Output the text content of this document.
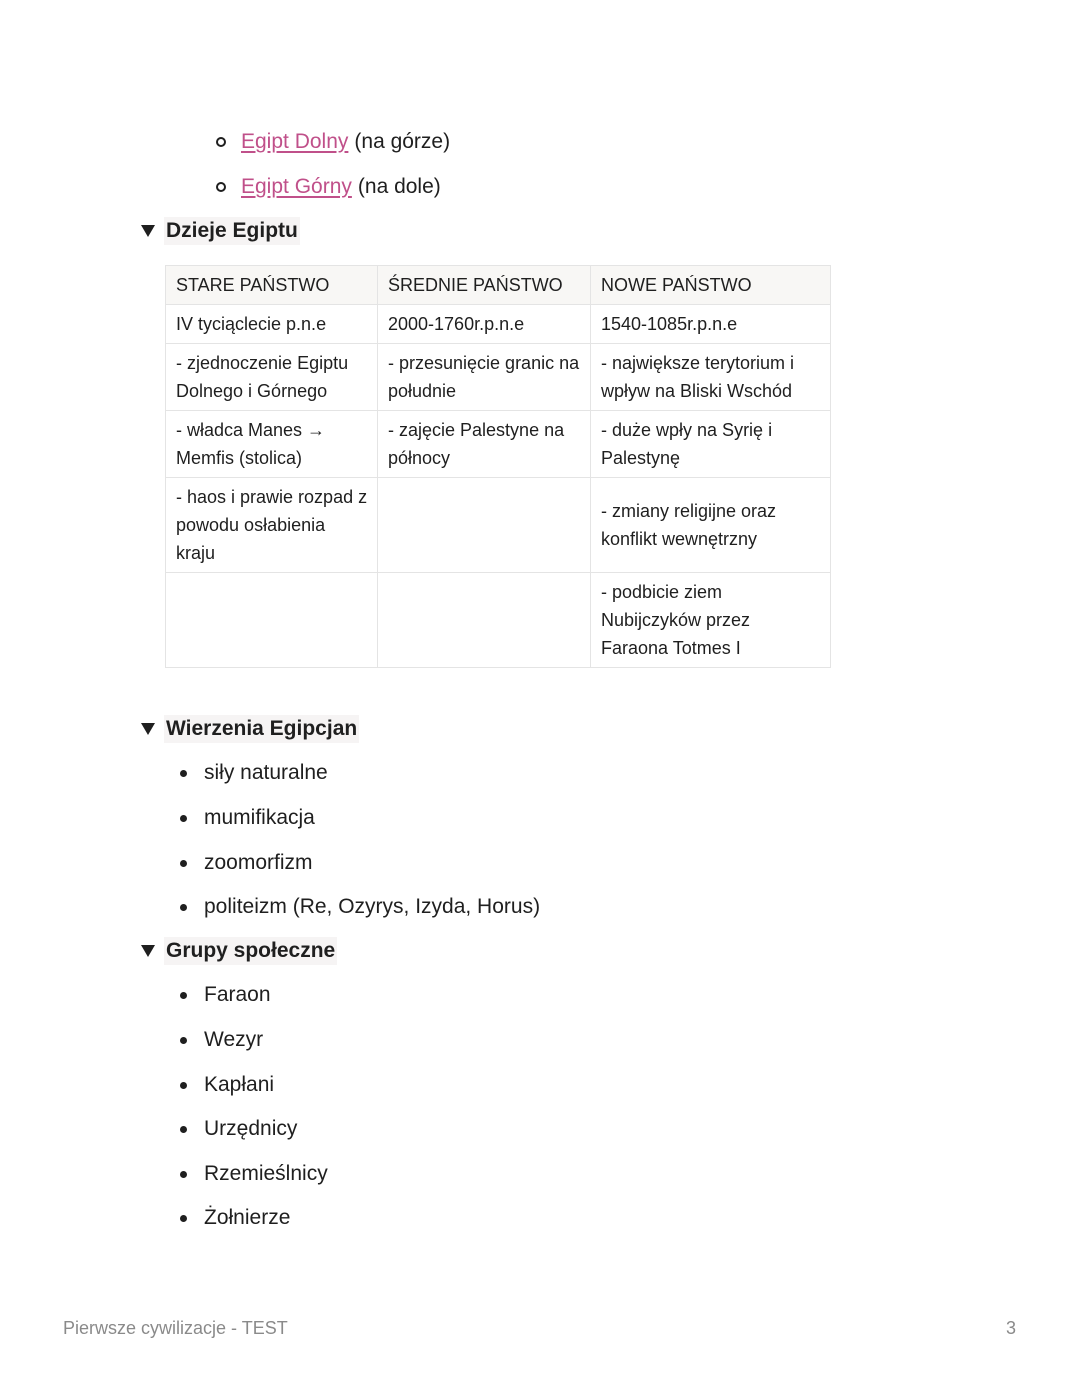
Egipt Dolny (na górze)
Egipt Górny (na dole)
Dzieje Egiptu
STARE PAŃSTWO	ŚREDNIE PAŃSTWO	NOWE PAŃSTWO
IV tyciąclecie p.n.e	2000-1760r.p.n.e	1540-1085r.p.n.e
- zjednoczenie Egiptu Dolnego i Górnego	- przesunięcie granic na południe	- największe terytorium i wpływ na Bliski Wschód
- władca Manes → Memfis (stolica)	- zajęcie Palestyne na północy	- duże wpły na Syrię i Palestynę
- haos i prawie rozpad z powodu osłabienia kraju		- zmiany religijne oraz konflikt wewnętrzny
		- podbicie ziem Nubijczyków przez Faraona Totmes I
Wierzenia Egipcjan
siły naturalne
mumifikacja
zoomorfizm
politeizm (Re, Ozyrys, Izyda, Horus)
Grupy społeczne
Faraon
Wezyr
Kapłani
Urzędnicy
Rzemieślnicy
Żołnierze
Pierwsze cywilizacje - TEST	3
